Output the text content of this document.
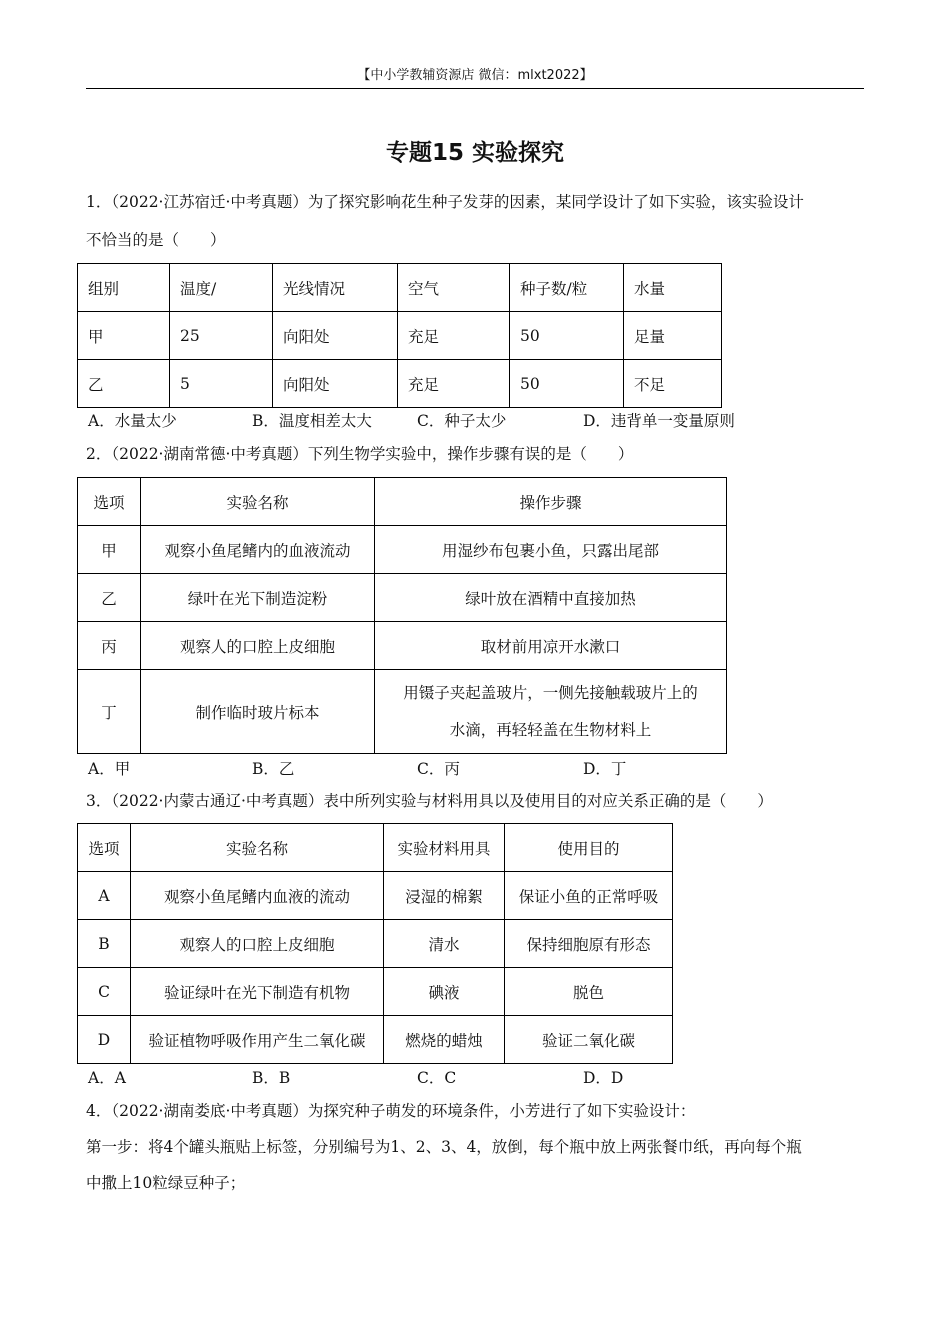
【中小学教辅资源店 微信：mlxt2022】
专题15 实验探究
1．（2022·江苏宿迁·中考真题）为了探究影响花生种子发芽的因素，某同学设计了如下实验，该实验设计
不恰当的是（　　）
组别	温度/	光线情况	空气	种子数/粒	水量
甲	25	向阳处	充足	50	足量
乙	5	向阳处	充足	50	不足
A．水量太少	B．温度相差太大	C．种子太少	D．违背单一变量原则
2．（2022·湖南常德·中考真题）下列生物学实验中，操作步骤有误的是（　　）
选项	实验名称	操作步骤
甲	观察小鱼尾鳍内的血液流动	用湿纱布包裹小鱼，只露出尾部
乙	绿叶在光下制造淀粉	绿叶放在酒精中直接加热
丙	观察人的口腔上皮细胞	取材前用凉开水漱口
丁	制作临时玻片标本	用镊子夹起盖玻片，一侧先接触载玻片上的
水滴，再轻轻盖在生物材料上
A．甲	B．乙	C．丙	D．丁
3．（2022·内蒙古通辽·中考真题）表中所列实验与材料用具以及使用目的对应关系正确的是（　　）
选项	实验名称	实验材料用具	使用目的
A	观察小鱼尾鳍内血液的流动	浸湿的棉絮	保证小鱼的正常呼吸
B	观察人的口腔上皮细胞	清水	保持细胞原有形态
C	验证绿叶在光下制造有机物	碘液	脱色
D	验证植物呼吸作用产生二氧化碳	燃烧的蜡烛	验证二氧化碳
A．A	B．B	C．C	D．D
4．（2022·湖南娄底·中考真题）为探究种子萌发的环境条件，小芳进行了如下实验设计：
第一步：将4个罐头瓶贴上标签，分别编号为1、2、3、4，放倒，每个瓶中放上两张餐巾纸，再向每个瓶
中撒上10粒绿豆种子；
